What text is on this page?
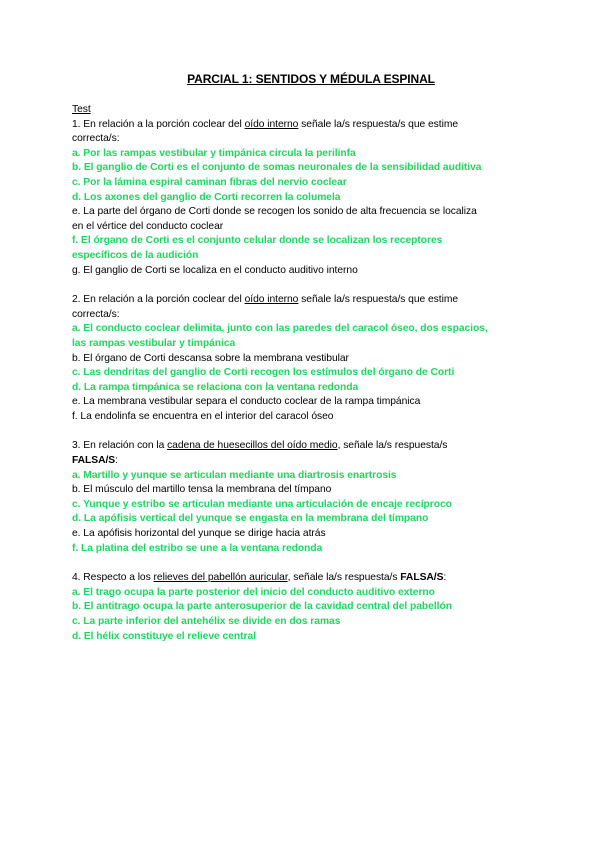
PARCIAL 1: SENTIDOS Y MÉDULA ESPINAL
Test
1. En relación a la porción coclear del oído interno señale la/s respuesta/s que estime
correcta/s:
a. Por las rampas vestibular y timpánica circula la perilinfa
b. El ganglio de Corti es el conjunto de somas neuronales de la sensibilidad auditiva
c. Por la lámina espiral caminan fibras del nervio coclear
d. Los axones del ganglio de Corti recorren la columela
e. La parte del órgano de Corti donde se recogen los sonido de alta frecuencia se localiza
en el vértice del conducto coclear
f. El órgano de Corti es el conjunto celular donde se localizan los receptores
específicos de la audición
g. El ganglio de Corti se localiza en el conducto auditivo interno
2. En relación a la porción coclear del oído interno señale la/s respuesta/s que estime
correcta/s:
a. El conducto coclear delimita, junto con las paredes del caracol óseo, dos espacios,
las rampas vestibular y timpánica
b. El órgano de Corti descansa sobre la membrana vestibular
c. Las dendritas del ganglio de Corti recogen los estímulos del órgano de Corti
d. La rampa timpánica se relaciona con la ventana redonda
e. La membrana vestibular separa el conducto coclear de la rampa timpánica
f. La endolinfa se encuentra en el interior del caracol óseo
3. En relación con la cadena de huesecillos del oído medio, señale la/s respuesta/s
FALSA/S:
a. Martillo y yunque se articulan mediante una diartrosis enartrosis
b. El músculo del martillo tensa la membrana del tímpano
c. Yunque y estribo se articulan mediante una articulación de encaje recíproco
d. La apófisis vertical del yunque se engasta en la membrana del tímpano
e. La apófisis horizontal del yunque se dirige hacia atrás
f. La platina del estribo se une a la ventana redonda
4. Respecto a los relieves del pabellón auricular, señale la/s respuesta/s FALSA/S:
a. El trago ocupa la parte posterior del inicio del conducto auditivo externo
b. El antitrago ocupa la parte anterosuperior de la cavidad central del pabellón
c. La parte inferior del antehélix se divide en dos ramas
d. El hélix constituye el relieve central
